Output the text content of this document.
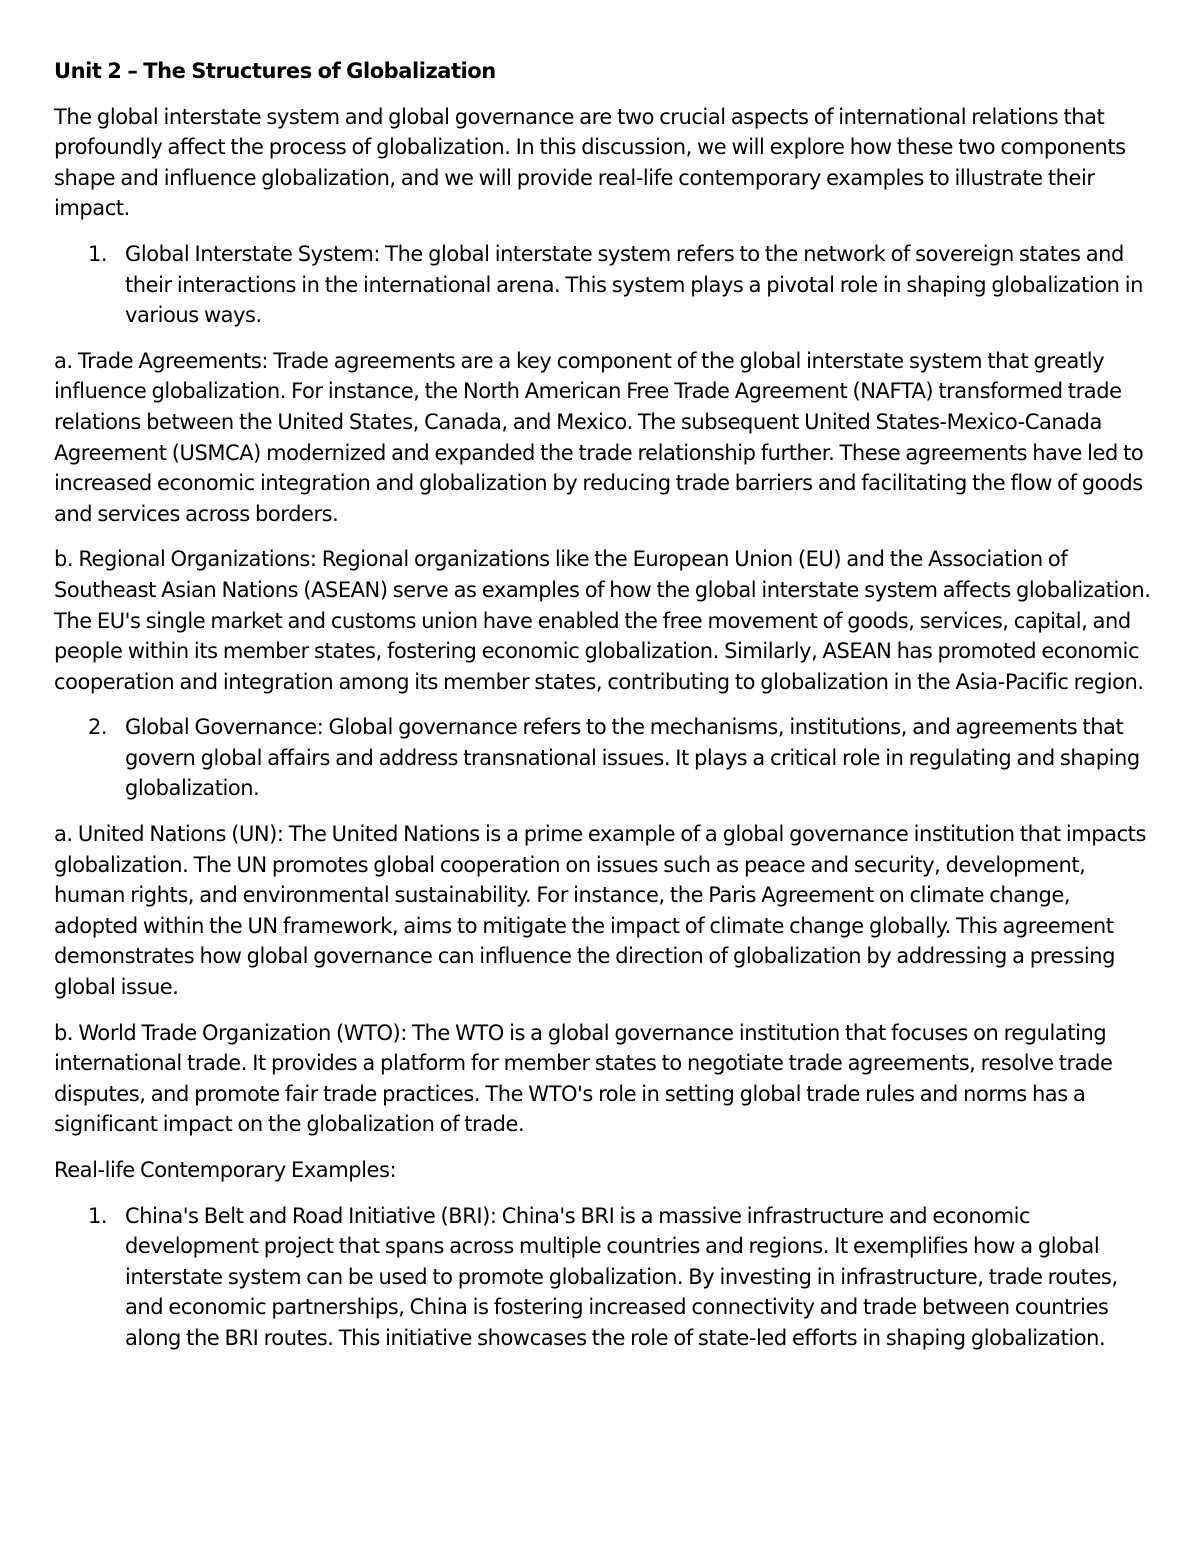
Unit 2 – The Structures of Globalization

The global interstate system and global governance are two crucial aspects of international relations that profoundly affect the process of globalization. In this discussion, we will explore how these two components shape and influence globalization, and we will provide real-life contemporary examples to illustrate their impact.

1. Global Interstate System: The global interstate system refers to the network of sovereign states and their interactions in the international arena. This system plays a pivotal role in shaping globalization in various ways.

a. Trade Agreements: Trade agreements are a key component of the global interstate system that greatly influence globalization. For instance, the North American Free Trade Agreement (NAFTA) transformed trade relations between the United States, Canada, and Mexico. The subsequent United States-Mexico-Canada Agreement (USMCA) modernized and expanded the trade relationship further. These agreements have led to increased economic integration and globalization by reducing trade barriers and facilitating the flow of goods and services across borders.

b. Regional Organizations: Regional organizations like the European Union (EU) and the Association of Southeast Asian Nations (ASEAN) serve as examples of how the global interstate system affects globalization. The EU's single market and customs union have enabled the free movement of goods, services, capital, and people within its member states, fostering economic globalization. Similarly, ASEAN has promoted economic cooperation and integration among its member states, contributing to globalization in the Asia-Pacific region.

2. Global Governance: Global governance refers to the mechanisms, institutions, and agreements that govern global affairs and address transnational issues. It plays a critical role in regulating and shaping globalization.

a. United Nations (UN): The United Nations is a prime example of a global governance institution that impacts globalization. The UN promotes global cooperation on issues such as peace and security, development, human rights, and environmental sustainability. For instance, the Paris Agreement on climate change, adopted within the UN framework, aims to mitigate the impact of climate change globally. This agreement demonstrates how global governance can influence the direction of globalization by addressing a pressing global issue.

b. World Trade Organization (WTO): The WTO is a global governance institution that focuses on regulating international trade. It provides a platform for member states to negotiate trade agreements, resolve trade disputes, and promote fair trade practices. The WTO's role in setting global trade rules and norms has a significant impact on the globalization of trade.

Real-life Contemporary Examples:

1. China's Belt and Road Initiative (BRI): China's BRI is a massive infrastructure and economic development project that spans across multiple countries and regions. It exemplifies how a global interstate system can be used to promote globalization. By investing in infrastructure, trade routes, and economic partnerships, China is fostering increased connectivity and trade between countries along the BRI routes. This initiative showcases the role of state-led efforts in shaping globalization.
